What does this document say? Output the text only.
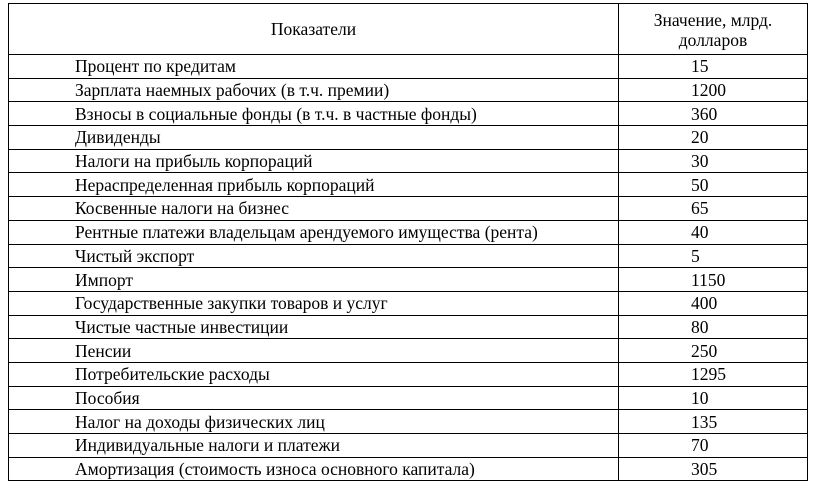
Показатели	Значение, млрд. долларов
Процент по кредитам	15
Зарплата наемных рабочих (в т.ч. премии)	1200
Взносы в социальные фонды (в т.ч. в частные фонды)	360
Дивиденды	20
Налоги на прибыль корпораций	30
Нераспределенная прибыль корпораций	50
Косвенные налоги на бизнес	65
Рентные платежи владельцам арендуемого имущества (рента)	40
Чистый экспорт	5
Импорт	1150
Государственные закупки товаров и услуг	400
Чистые частные инвестиции	80
Пенсии	250
Потребительские расходы	1295
Пособия	10
Налог на доходы физических лиц	135
Индивидуальные налоги и платежи	70
Амортизация (стоимость износа основного капитала)	305
